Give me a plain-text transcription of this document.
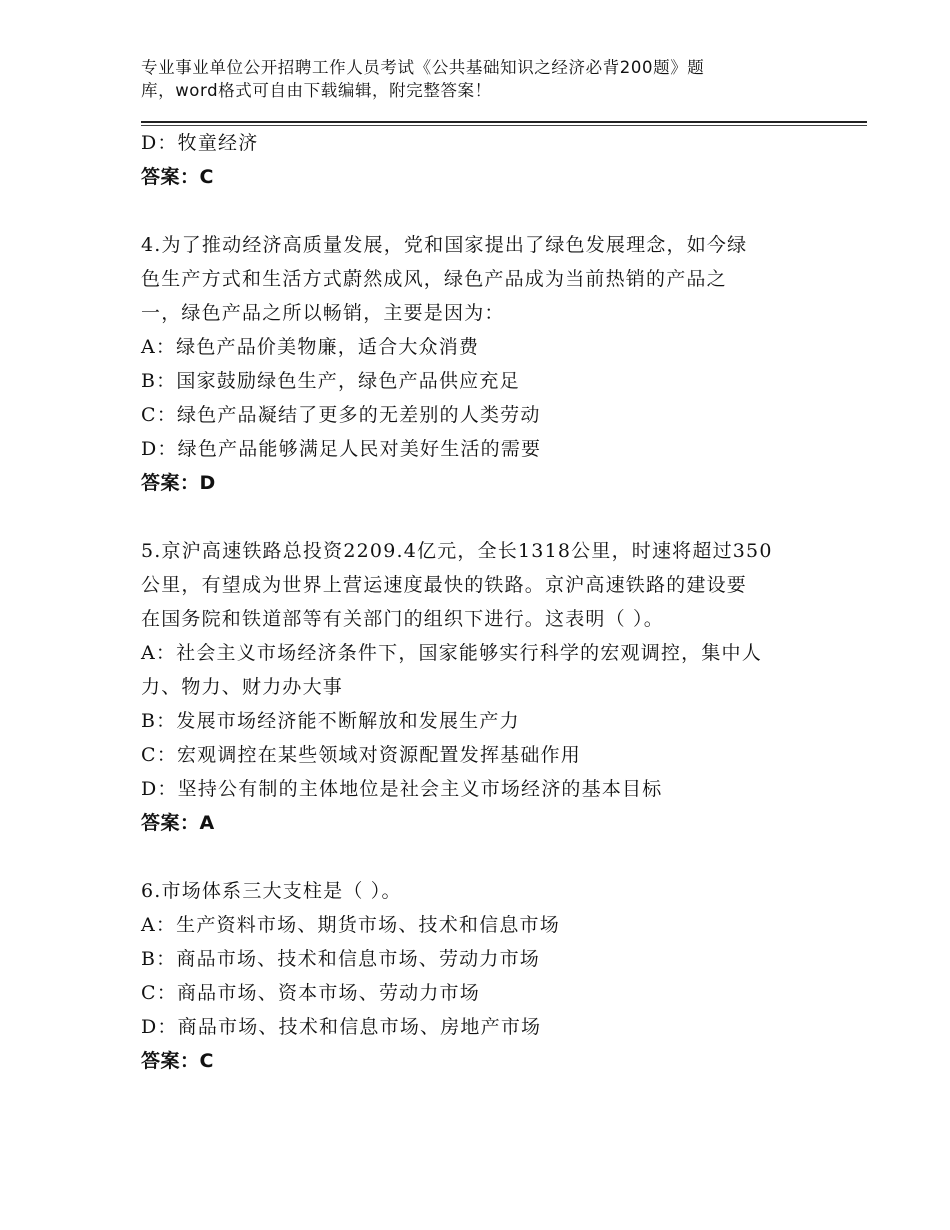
专业事业单位公开招聘工作人员考试《公共基础知识之经济必背200题》题
库，word格式可自由下载编辑，附完整答案！

D：牧童经济

答案：C

4.为了推动经济高质量发展，党和国家提出了绿色发展理念，如今绿

色生产方式和生活方式蔚然成风，绿色产品成为当前热销的产品之

一，绿色产品之所以畅销，主要是因为：

A：绿色产品价美物廉，适合大众消费

B：国家鼓励绿色生产，绿色产品供应充足

C：绿色产品凝结了更多的无差别的人类劳动

D：绿色产品能够满足人民对美好生活的需要

答案：D

5.京沪高速铁路总投资2209.4亿元，全长1318公里，时速将超过350

公里，有望成为世界上营运速度最快的铁路。京沪高速铁路的建设要

在国务院和铁道部等有关部门的组织下进行。这表明（ ）。

A：社会主义市场经济条件下，国家能够实行科学的宏观调控，集中人

力、物力、财力办大事

B：发展市场经济能不断解放和发展生产力

C：宏观调控在某些领域对资源配置发挥基础作用

D：坚持公有制的主体地位是社会主义市场经济的基本目标

答案：A

6.市场体系三大支柱是（ ）。

A：生产资料市场、期货市场、技术和信息市场

B：商品市场、技术和信息市场、劳动力市场

C：商品市场、资本市场、劳动力市场

D：商品市场、技术和信息市场、房地产市场

答案：C
